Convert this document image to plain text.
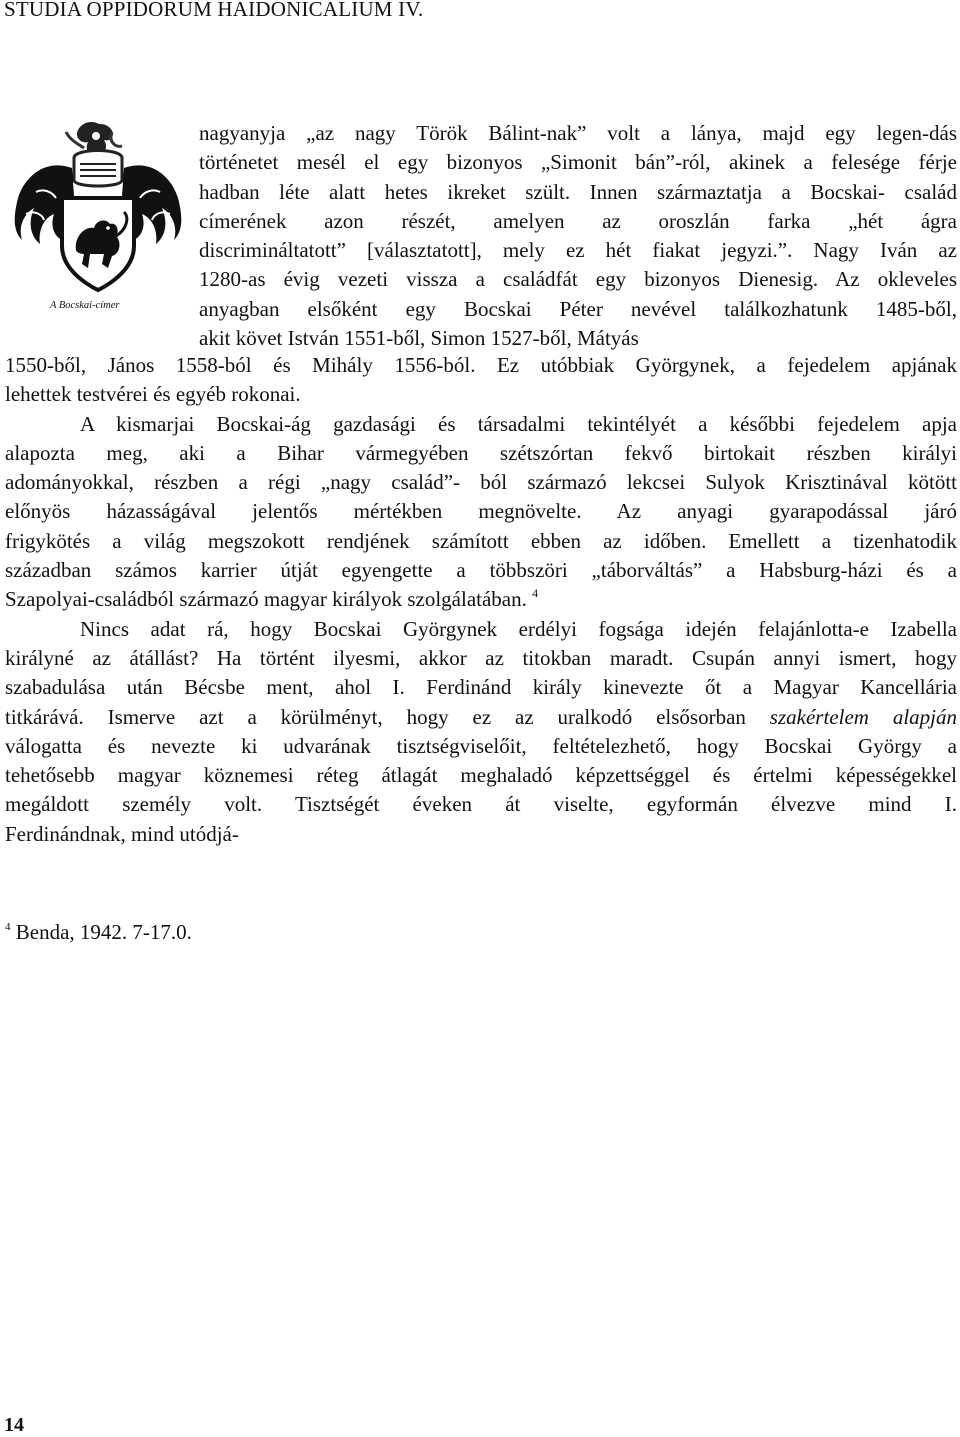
STUDIA OPPIDORUM HAIDONICALIUM IV.
A Bocskai-címer
nagyanyja „az nagy Török Bálint-nak” volt a lánya, majd egy legen-dás
történetet mesél el egy bizonyos „Simonit bán”-ról, akinek a felesége férje
hadban léte alatt hetes ikreket szült. Innen származtatja a Bocskai- család
címerének azon részét, amelyen az oroszlán farka „hét ágra
discrimináltatott” [választatott], mely ez hét fiakat jegyzi.”. Nagy Iván az
1280-as évig vezeti vissza a családfát egy bizonyos Dienesig. Az okleveles
anyagban elsőként egy Bocskai Péter nevével találkozhatunk 1485-ből,
akit követ István 1551-ből, Simon 1527-ből, Mátyás
1550-ből, János 1558-ból és Mihály 1556-ból. Ez utóbbiak Györgynek, a fejedelem apjának
lehettek testvérei és egyéb rokonai.
A kismarjai Bocskai-ág gazdasági és társadalmi tekintélyét a későbbi fejedelem apja
alapozta meg, aki a Bihar vármegyében szétszórtan fekvő birtokait részben királyi
adományokkal, részben a régi „nagy család”- ból származó lekcsei Sulyok Krisztinával kötött
előnyös házasságával jelentős mértékben megnövelte. Az anyagi gyarapodással járó
frigykötés a világ megszokott rendjének számított ebben az időben. Emellett a tizenhatodik
században számos karrier útját egyengette a többszöri „táborváltás” a Habsburg-házi és a
Szapolyai-családból származó magyar királyok szolgálatában. $^4$
Nincs adat rá, hogy Bocskai Györgynek erdélyi fogsága idején felajánlotta-e Izabella
királyné az átállást? Ha történt ilyesmi, akkor az titokban maradt. Csupán annyi ismert, hogy
szabadulása után Bécsbe ment, ahol I. Ferdinánd király kinevezte őt a Magyar Kancellária
titkárává. Ismerve azt a körülményt, hogy ez az uralkodó elsősorban szakértelem alapján
válogatta és nevezte ki udvarának tisztségviselőit, feltételezhető, hogy Bocskai György a
tehetősebb magyar köznemesi réteg átlagát meghaladó képzettséggel és értelmi képességekkel
megáldott személy volt. Tisztségét éveken át viselte, egyformán élvezve mind I.
Ferdinándnak, mind utódjá-
$^4$ Benda, 1942. 7-17.0.
14
